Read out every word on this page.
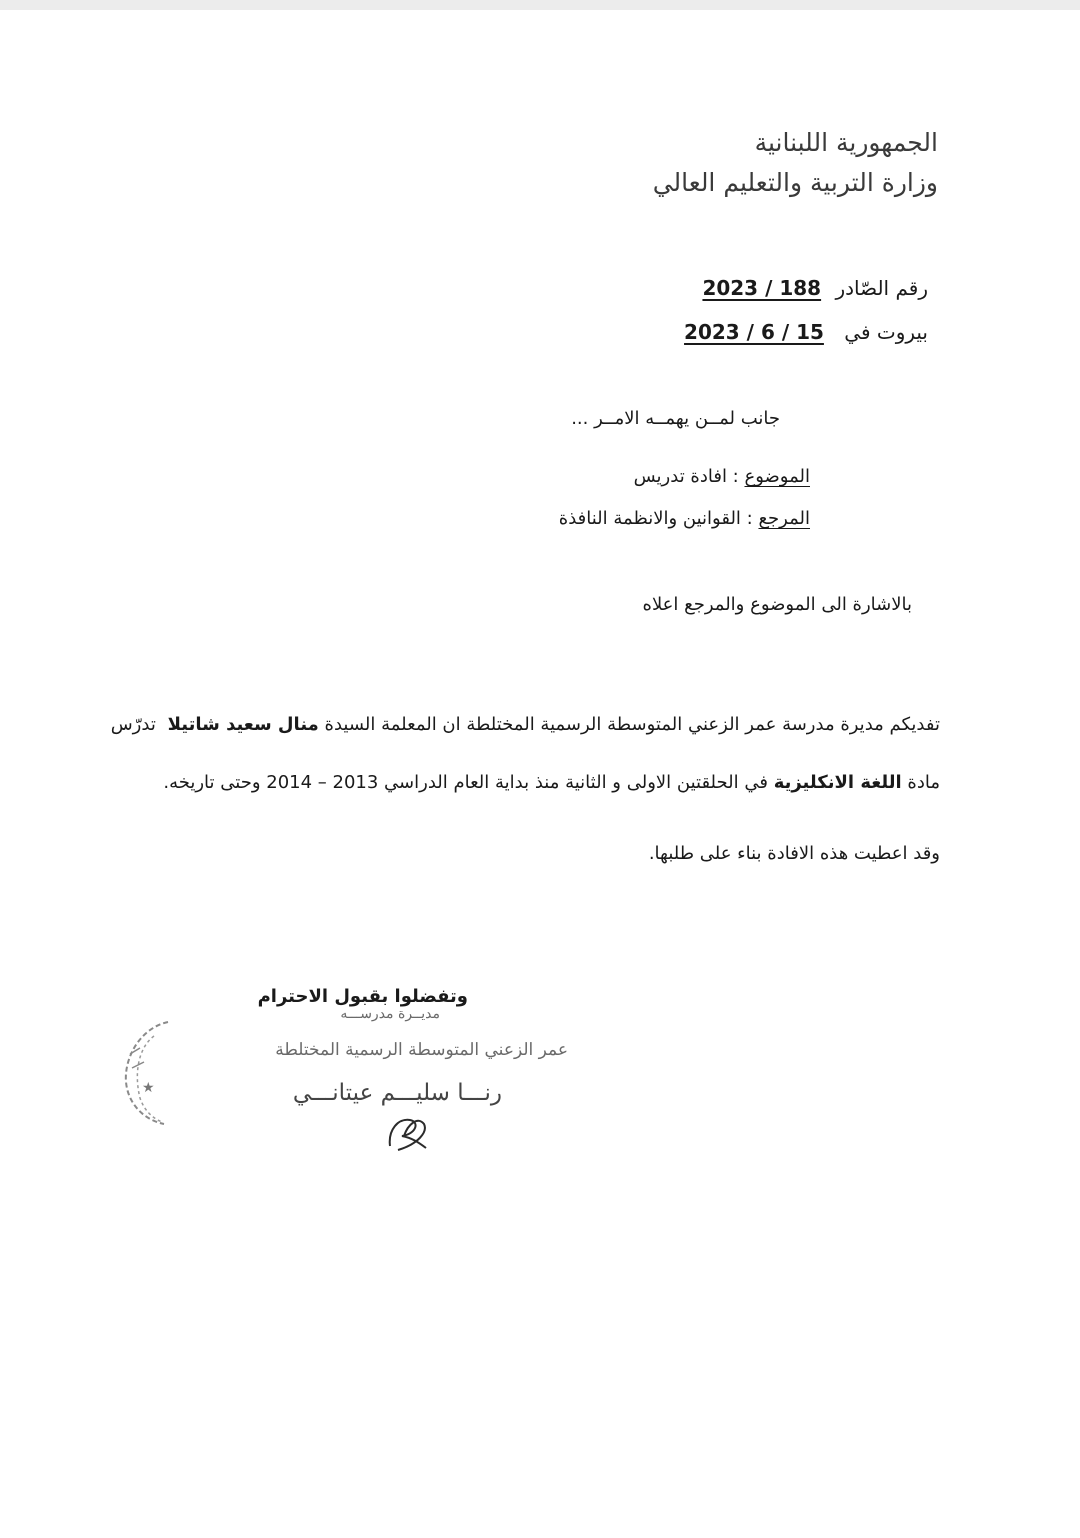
الجمهورية اللبنانية
وزارة التربية والتعليم العالي
رقم الصّادر 2023 / 188
بيروت في 2023 / 6 / 15
جانب لمــن يهمــه الامــر ...
الموضوع : افادة تدريس
المرجع : القوانين والانظمة النافذة
بالاشارة الى الموضوع والمرجع اعلاه
تفديكم مديرة مدرسة عمر الزعني المتوسطة الرسمية المختلطة ان المعلمة السيدة منال سعيد شاتيلا تدرّس
مادة اللغة الانكليزية في الحلقتين الاولى و الثانية منذ بداية العام الدراسي 2013 – 2014 وحتى تاريخه.
وقد اعطيت هذه الافادة بناء على طلبها.
وتفضلوا بقبول الاحترام
مديــرة مدرســـه
عمر الزعني المتوسطة الرسمية المختلطة
رنـــا سليـــم عيتانـــي
★
